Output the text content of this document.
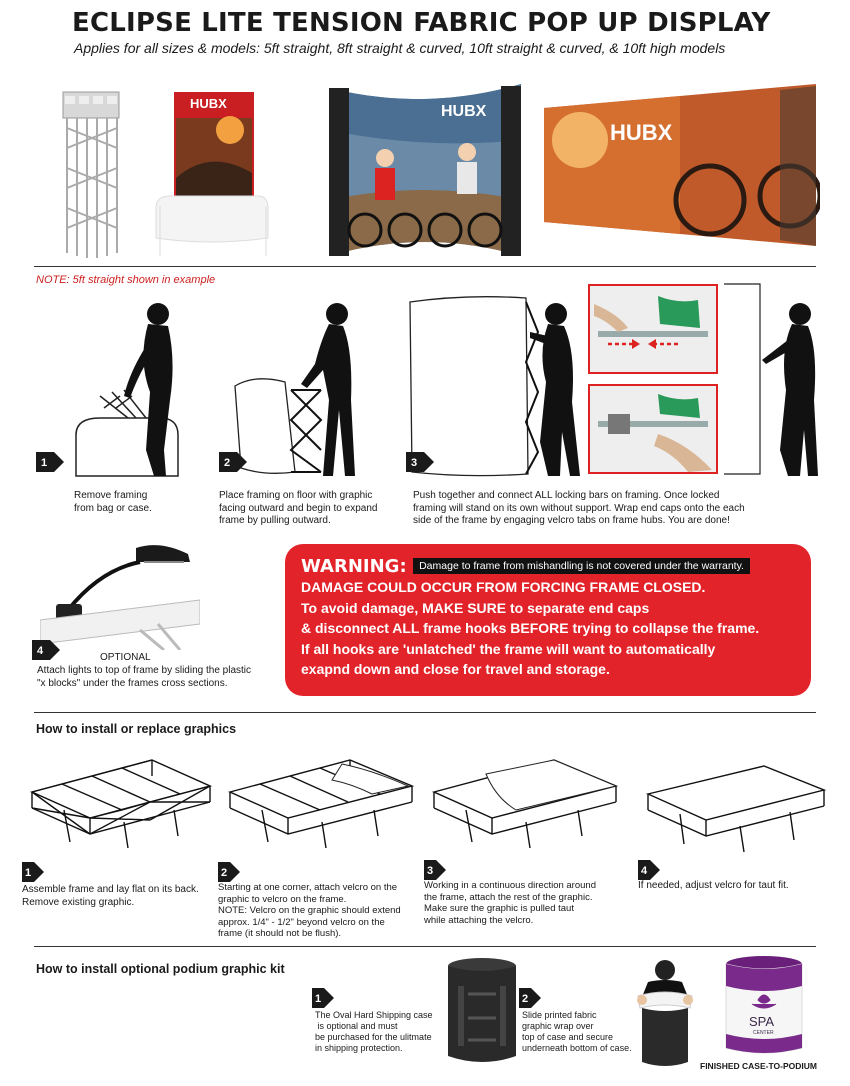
ECLIPSE LITE TENSION FABRIC POP UP DISPLAY
Applies for all sizes & models: 5ft straight, 8ft straight & curved, 10ft straight & curved, & 10ft high models
HUBX	HUBX
HUBX
NOTE: 5ft straight shown in example
1
Remove framing
from bag or case.
2
Place framing on floor with graphic
facing outward and begin to expand
frame by pulling outward.
3
Push together and connect ALL locking bars on framing. Once locked
framing will stand on its own without support. Wrap end caps onto the each
side of the frame by engaging velcro tabs on frame hubs. You are done!
4
OPTIONAL
Attach lights to top of frame by sliding the plastic
"x blocks" under the frames cross sections.
WARNING: Damage to frame from mishandling is not covered under the warranty.
DAMAGE COULD OCCUR FROM FORCING FRAME CLOSED.
To avoid damage, MAKE SURE to separate end caps
& disconnect ALL frame hooks BEFORE trying to collapse the frame.
If all hooks are 'unlatched' the frame will want to automatically
exapnd down and close for travel and storage.
How to install or replace graphics
1
Assemble frame and lay flat on its back.
Remove existing graphic.
2
Starting at one corner, attach velcro on the
graphic to velcro on the frame.
NOTE: Velcro on the graphic should extend
approx. 1/4" - 1/2" beyond velcro on the
frame (it should not be flush).
3
Working in a continuous direction around
the frame, attach the rest of the graphic.
Make sure the graphic is pulled taut
while attaching the velcro.
4
If needed, adjust velcro for taut fit.
How to install optional podium graphic kit
1
The Oval Hard Shipping case
is optional and must
be purchased for the ulitmate
in shipping protection.
2
Slide printed fabric
graphic wrap over
top of case and secure
underneath bottom of case.
SPA
CENTER
FINISHED CASE-TO-PODIUM
